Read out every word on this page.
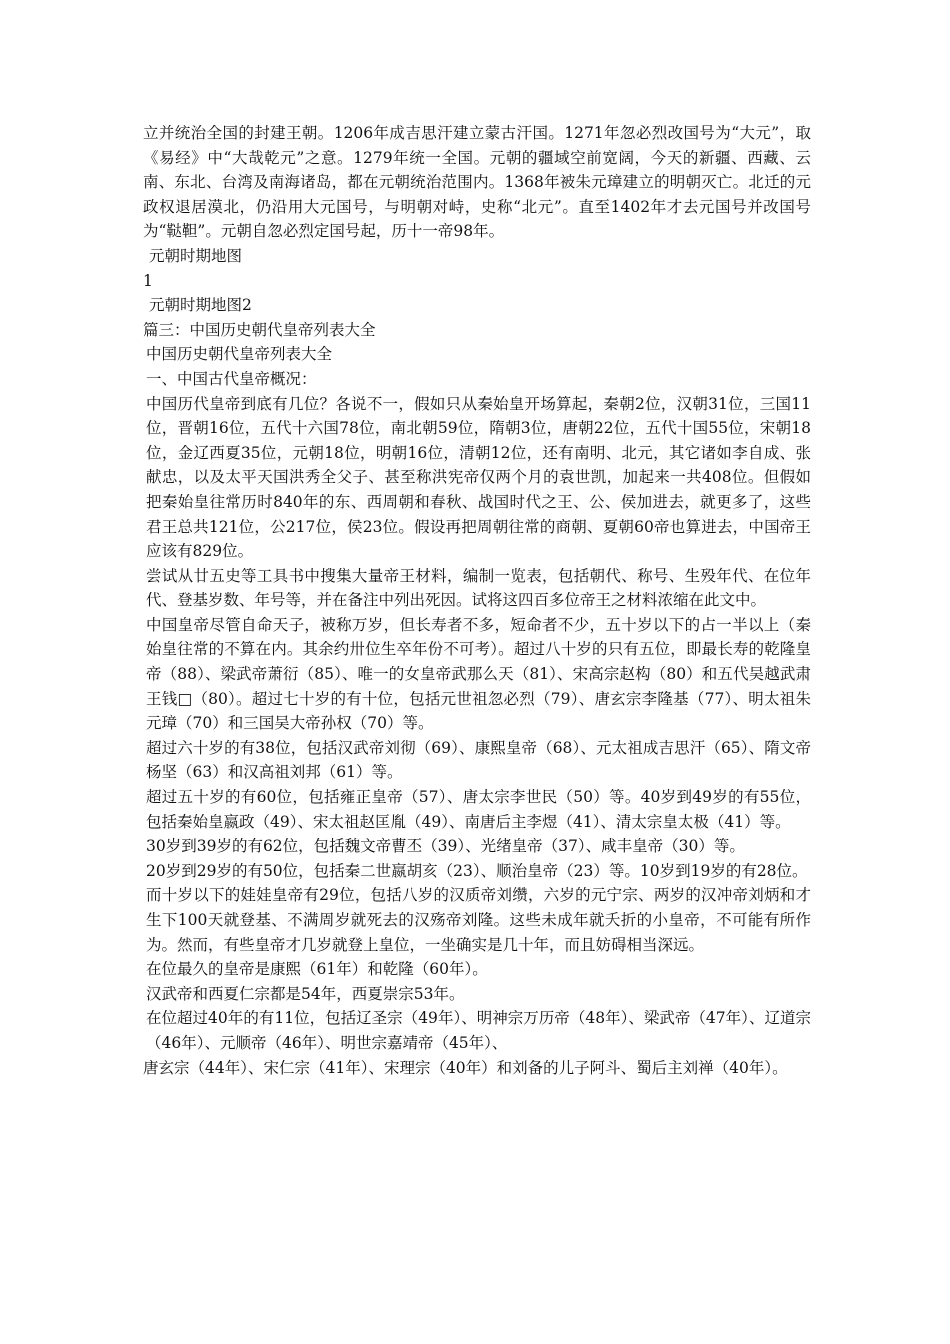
立并统治全国的封建王朝。1206年成吉思汗建立蒙古汗国。1271年忽必烈改国号为“大元”，取《易经》中“大哉乾元”之意。1279年统一全国。元朝的疆域空前宽阔，今天的新疆、西藏、云南、东北、台湾及南海诸岛，都在元朝统治范围内。1368年被朱元璋建立的明朝灭亡。北迁的元政权退居漠北，仍沿用大元国号，与明朝对峙，史称“北元”。直至1402年才去元国号并改国号为“鞑靼”。元朝自忽必烈定国号起，历十一帝98年。

元朝时期地图

1

元朝时期地图2

篇三：中国历史朝代皇帝列表大全

中国历史朝代皇帝列表大全

一、中国古代皇帝概况：

中国历代皇帝到底有几位？各说不一，假如只从秦始皇开场算起，秦朝2位，汉朝31位，三国11位，晋朝16位，五代十六国78位，南北朝59位，隋朝3位，唐朝22位，五代十国55位，宋朝18位，金辽西夏35位，元朝18位，明朝16位，清朝12位，还有南明、北元，其它诸如李自成、张献忠，以及太平天国洪秀全父子、甚至称洪宪帝仅两个月的袁世凯，加起来一共408位。但假如把秦始皇往常历时840年的东、西周朝和春秋、战国时代之王、公、侯加进去，就更多了，这些君王总共121位，公217位，侯23位。假设再把周朝往常的商朝、夏朝60帝也算进去，中国帝王应该有829位。

尝试从廿五史等工具书中搜集大量帝王材料，编制一览表，包括朝代、称号、生殁年代、在位年代、登基岁数、年号等，并在备注中列出死因。试将这四百多位帝王之材料浓缩在此文中。

中国皇帝尽管自命天子，被称万岁，但长寿者不多，短命者不少，五十岁以下的占一半以上（秦始皇往常的不算在内。其余约卅位生卒年份不可考）。超过八十岁的只有五位，即最长寿的乾隆皇帝（88）、梁武帝萧衍（85）、唯一的女皇帝武那么天（81）、宋高宗赵构（80）和五代吴越武肃王钱□（80）。超过七十岁的有十位，包括元世祖忽必烈（79）、唐玄宗李隆基（77）、明太祖朱元璋（70）和三国吴大帝孙权（70）等。

超过六十岁的有38位，包括汉武帝刘彻（69）、康熙皇帝（68）、元太祖成吉思汗（65）、隋文帝杨坚（63）和汉高祖刘邦（61）等。

超过五十岁的有60位，包括雍正皇帝（57）、唐太宗李世民（50）等。40岁到49岁的有55位，包括秦始皇嬴政（49）、宋太祖赵匡胤（49）、南唐后主李煜（41）、清太宗皇太极（41）等。

30岁到39岁的有62位，包括魏文帝曹丕（39）、光绪皇帝（37）、咸丰皇帝（30）等。

20岁到29岁的有50位，包括秦二世嬴胡亥（23）、顺治皇帝（23）等。10岁到19岁的有28位。

而十岁以下的娃娃皇帝有29位，包括八岁的汉质帝刘缵，六岁的元宁宗、两岁的汉冲帝刘炳和才生下100天就登基、不满周岁就死去的汉殇帝刘隆。这些未成年就夭折的小皇帝，不可能有所作为。然而，有些皇帝才几岁就登上皇位，一坐确实是几十年，而且妨碍相当深远。

在位最久的皇帝是康熙（61年）和乾隆（60年）。

汉武帝和西夏仁宗都是54年，西夏崇宗53年。

在位超过40年的有11位，包括辽圣宗（49年）、明神宗万历帝（48年）、梁武帝（47年）、辽道宗（46年）、元顺帝（46年）、明世宗嘉靖帝（45年）、

唐玄宗（44年）、宋仁宗（41年）、宋理宗（40年）和刘备的儿子阿斗、蜀后主刘禅（40年）。
